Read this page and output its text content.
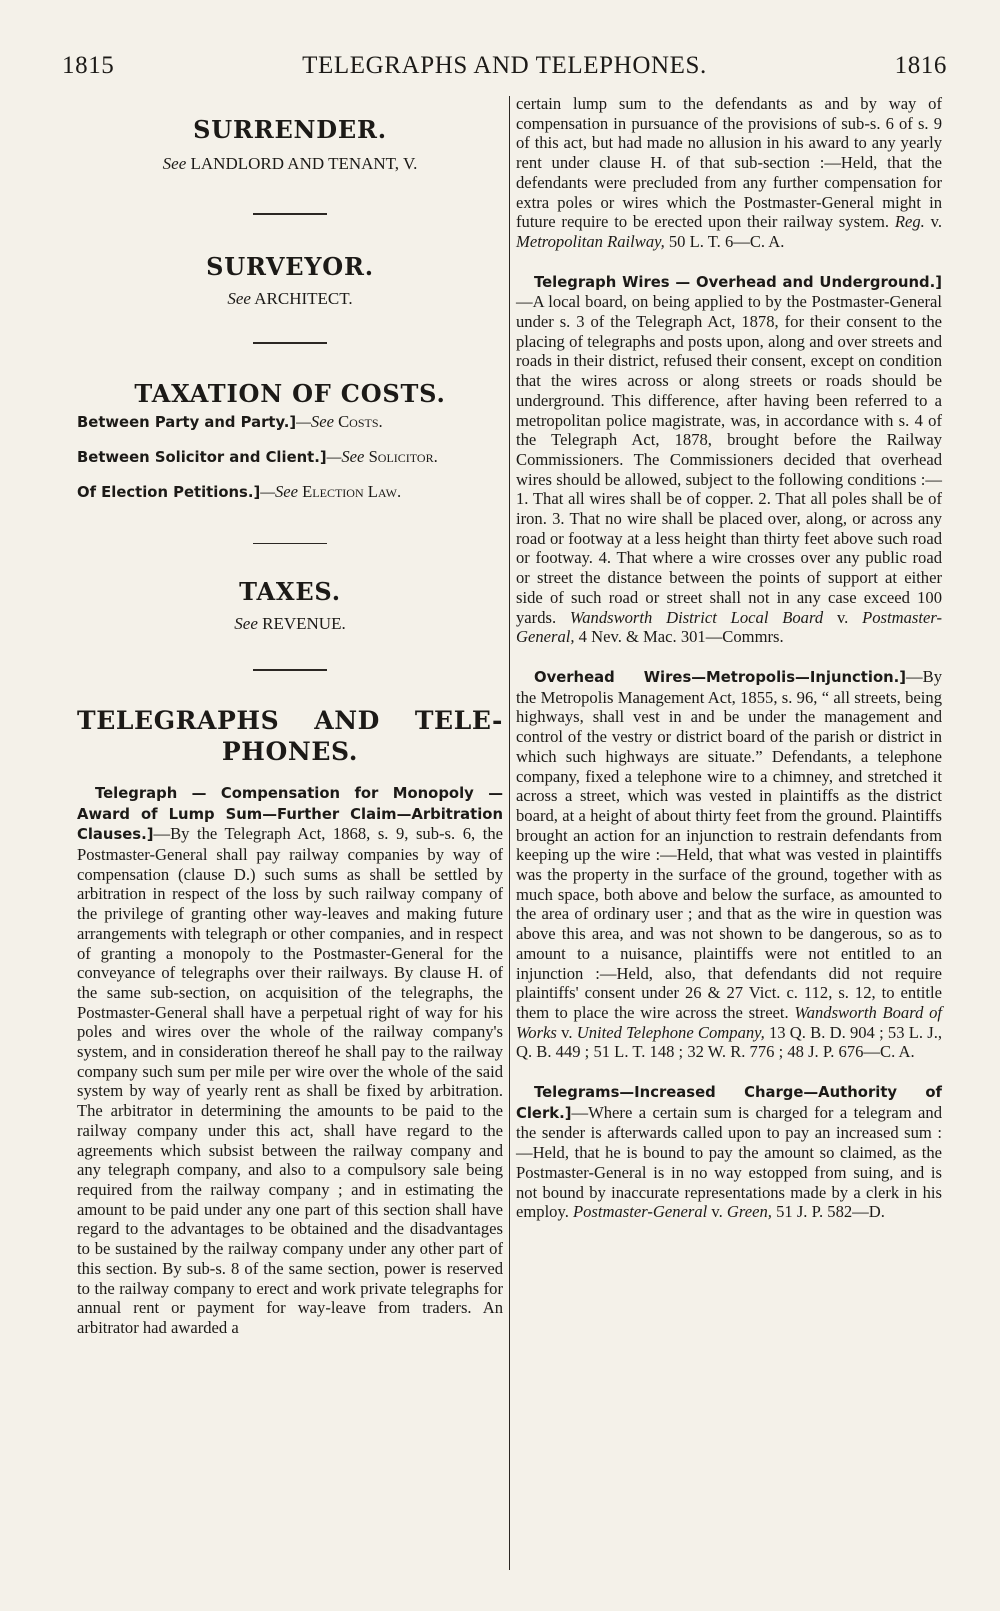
1815	TELEGRAPHS AND TELEPHONES.	1816
SURRENDER.

See LANDLORD AND TENANT, V.

SURVEYOR.

See ARCHITECT.

TAXATION OF COSTS.

Between Party and Party.]—See Costs.

Between Solicitor and Client.]—See Solicitor.

Of Election Petitions.]—See Election Law.

TAXES.

See REVENUE.

TELEGRAPHS AND TELE-
PHONES.

Telegraph — Compensation for Monopoly — Award of Lump Sum—Further Claim—Arbitration Clauses.]—By the Telegraph Act, 1868, s. 9, sub-s. 6, the Postmaster-General shall pay railway companies by way of compensation (clause D.) such sums as shall be settled by arbitration in respect of the loss by such railway company of the privilege of granting other way-leaves and making future arrangements with telegraph or other companies, and in respect of granting a monopoly to the Postmaster-General for the conveyance of telegraphs over their railways. By clause H. of the same sub-section, on acquisition of the telegraphs, the Postmaster-General shall have a perpetual right of way for his poles and wires over the whole of the railway company's system, and in consideration thereof he shall pay to the railway company such sum per mile per wire over the whole of the said system by way of yearly rent as shall be fixed by arbitration. The arbitrator in determining the amounts to be paid to the railway company under this act, shall have regard to the agreements which subsist between the railway company and any telegraph company, and also to a compulsory sale being required from the railway company ; and in estimating the amount to be paid under any one part of this section shall have regard to the advantages to be obtained and the disadvantages to be sustained by the railway company under any other part of this section. By sub-s. 8 of the same section, power is reserved to the railway company to erect and work private telegraphs for annual rent or payment for way-leave from traders. An arbitrator had awarded a

certain lump sum to the defendants as and by way of compensation in pursuance of the provisions of sub-s. 6 of s. 9 of this act, but had made no allusion in his award to any yearly rent under clause H. of that sub-section :—Held, that the defendants were precluded from any further compensation for extra poles or wires which the Postmaster-General might in future require to be erected upon their railway system. Reg. v. Metropolitan Railway, 50 L. T. 6—C. A.

Telegraph Wires — Overhead and Underground.]—A local board, on being applied to by the Postmaster-General under s. 3 of the Telegraph Act, 1878, for their consent to the placing of telegraphs and posts upon, along and over streets and roads in their district, refused their consent, except on condition that the wires across or along streets or roads should be underground. This difference, after having been referred to a metropolitan police magistrate, was, in accordance with s. 4 of the Telegraph Act, 1878, brought before the Railway Commissioners. The Commissioners decided that overhead wires should be allowed, subject to the following conditions :—1. That all wires shall be of copper. 2. That all poles shall be of iron. 3. That no wire shall be placed over, along, or across any road or footway at a less height than thirty feet above such road or footway. 4. That where a wire crosses over any public road or street the distance between the points of support at either side of such road or street shall not in any case exceed 100 yards. Wandsworth District Local Board v. Postmaster-General, 4 Nev. & Mac. 301—Commrs.

Overhead Wires—Metropolis—Injunction.]—By the Metropolis Management Act, 1855, s. 96, “ all streets, being highways, shall vest in and be under the management and control of the vestry or district board of the parish or district in which such highways are situate.” Defendants, a telephone company, fixed a telephone wire to a chimney, and stretched it across a street, which was vested in plaintiffs as the district board, at a height of about thirty feet from the ground. Plaintiffs brought an action for an injunction to restrain defendants from keeping up the wire :—Held, that what was vested in plaintiffs was the property in the surface of the ground, together with as much space, both above and below the surface, as amounted to the area of ordinary user ; and that as the wire in question was above this area, and was not shown to be dangerous, so as to amount to a nuisance, plaintiffs were not entitled to an injunction :—Held, also, that defendants did not require plaintiffs' consent under 26 & 27 Vict. c. 112, s. 12, to entitle them to place the wire across the street. Wandsworth Board of Works v. United Telephone Company, 13 Q. B. D. 904 ; 53 L. J., Q. B. 449 ; 51 L. T. 148 ; 32 W. R. 776 ; 48 J. P. 676—C. A.

Telegrams—Increased Charge—Authority of Clerk.]—Where a certain sum is charged for a telegram and the sender is afterwards called upon to pay an increased sum :—Held, that he is bound to pay the amount so claimed, as the Postmaster-General is in no way estopped from suing, and is not bound by inaccurate representations made by a clerk in his employ. Postmaster-General v. Green, 51 J. P. 582—D.
